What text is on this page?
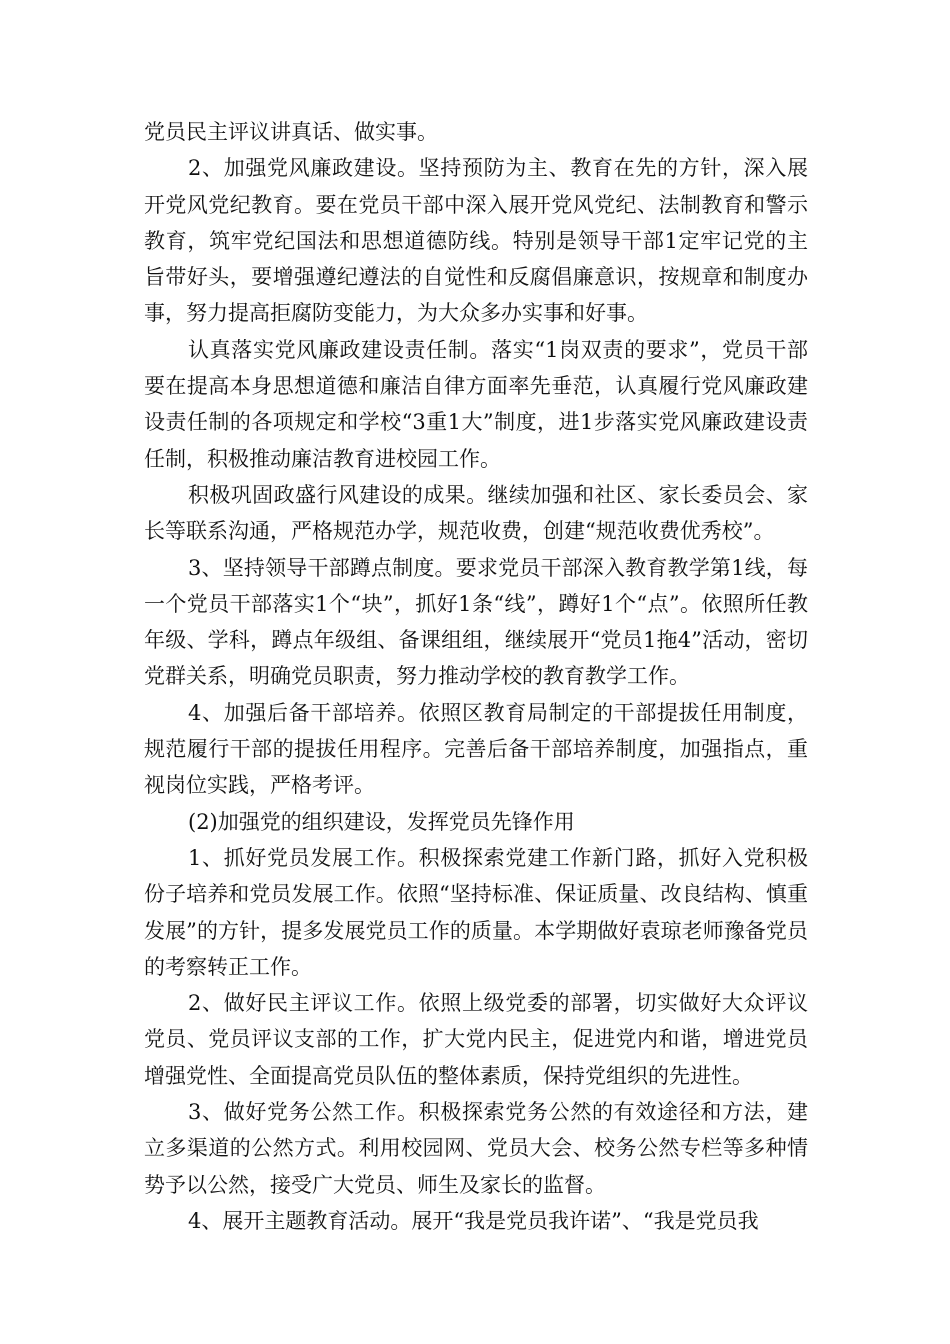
党员民主评议讲真话、做实事。

2、加强党风廉政建设。坚持预防为主、教育在先的方针，深入展开党风党纪教育。要在党员干部中深入展开党风党纪、法制教育和警示教育，筑牢党纪国法和思想道德防线。特别是领导干部1定牢记党的主旨带好头，要增强遵纪遵法的自觉性和反腐倡廉意识，按规章和制度办事，努力提高拒腐防变能力，为大众多办实事和好事。

认真落实党风廉政建设责任制。落实“1岗双责的要求”，党员干部要在提高本身思想道德和廉洁自律方面率先垂范，认真履行党风廉政建设责任制的各项规定和学校“3重1大”制度，进1步落实党风廉政建设责任制，积极推动廉洁教育进校园工作。

积极巩固政盛行风建设的成果。继续加强和社区、家长委员会、家长等联系沟通，严格规范办学，规范收费，创建“规范收费优秀校”。

3、坚持领导干部蹲点制度。要求党员干部深入教育教学第1线，每一个党员干部落实1个“块”，抓好1条“线”，蹲好1个“点”。依照所任教年级、学科，蹲点年级组、备课组组，继续展开“党员1拖4”活动，密切党群关系，明确党员职责，努力推动学校的教育教学工作。

4、加强后备干部培养。依照区教育局制定的干部提拔任用制度，规范履行干部的提拔任用程序。完善后备干部培养制度，加强指点，重视岗位实践，严格考评。

(2)加强党的组织建设，发挥党员先锋作用

1、抓好党员发展工作。积极探索党建工作新门路，抓好入党积极份子培养和党员发展工作。依照“坚持标准、保证质量、改良结构、慎重发展”的方针，提多发展党员工作的质量。本学期做好袁琼老师豫备党员的考察转正工作。

2、做好民主评议工作。依照上级党委的部署，切实做好大众评议党员、党员评议支部的工作，扩大党内民主，促进党内和谐，增进党员增强党性、全面提高党员队伍的整体素质，保持党组织的先进性。

3、做好党务公然工作。积极探索党务公然的有效途径和方法，建立多渠道的公然方式。利用校园网、党员大会、校务公然专栏等多种情势予以公然，接受广大党员、师生及家长的监督。

4、展开主题教育活动。展开“我是党员我许诺”、“我是党员我
